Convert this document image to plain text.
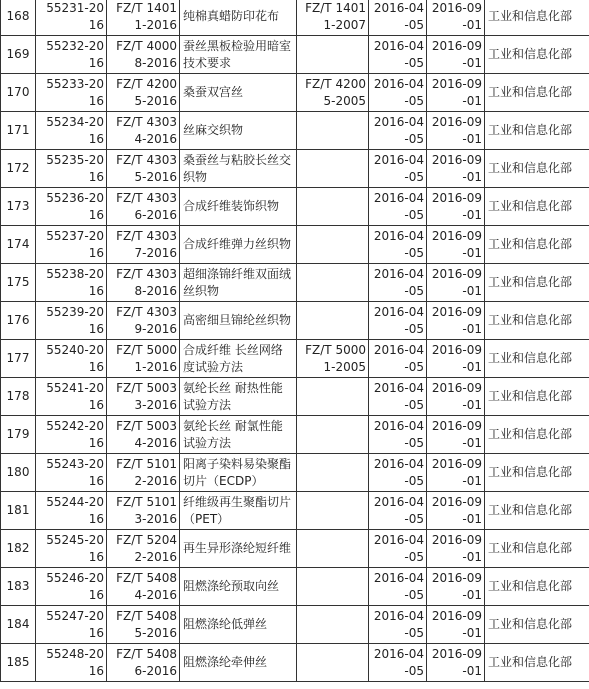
168	55231-2016	FZ/T 14011-2016	纯棉真蜡防印花布	FZ/T 14011-2007	2016-04-05	2016-09-01	工业和信息化部
169	55232-2016	FZ/T 40008-2016	蚕丝黑板检验用暗室技术要求		2016-04-05	2016-09-01	工业和信息化部
170	55233-2016	FZ/T 42005-2016	桑蚕双宫丝	FZ/T 42005-2005	2016-04-05	2016-09-01	工业和信息化部
171	55234-2016	FZ/T 43034-2016	丝麻交织物		2016-04-05	2016-09-01	工业和信息化部
172	55235-2016	FZ/T 43035-2016	桑蚕丝与粘胶长丝交织物		2016-04-05	2016-09-01	工业和信息化部
173	55236-2016	FZ/T 43036-2016	合成纤维装饰织物		2016-04-05	2016-09-01	工业和信息化部
174	55237-2016	FZ/T 43037-2016	合成纤维弹力丝织物		2016-04-05	2016-09-01	工业和信息化部
175	55238-2016	FZ/T 43038-2016	超细涤锦纤维双面绒丝织物		2016-04-05	2016-09-01	工业和信息化部
176	55239-2016	FZ/T 43039-2016	高密细旦锦纶丝织物		2016-04-05	2016-09-01	工业和信息化部
177	55240-2016	FZ/T 50001-2016	合成纤维 长丝网络度试验方法	FZ/T 50001-2005	2016-04-05	2016-09-01	工业和信息化部
178	55241-2016	FZ/T 50033-2016	氨纶长丝 耐热性能试验方法		2016-04-05	2016-09-01	工业和信息化部
179	55242-2016	FZ/T 50034-2016	氨纶长丝 耐氯性能试验方法		2016-04-05	2016-09-01	工业和信息化部
180	55243-2016	FZ/T 51012-2016	阳离子染料易染聚酯切片（ECDP）		2016-04-05	2016-09-01	工业和信息化部
181	55244-2016	FZ/T 51013-2016	纤维级再生聚酯切片（PET）		2016-04-05	2016-09-01	工业和信息化部
182	55245-2016	FZ/T 52042-2016	再生异形涤纶短纤维		2016-04-05	2016-09-01	工业和信息化部
183	55246-2016	FZ/T 54084-2016	阻燃涤纶预取向丝		2016-04-05	2016-09-01	工业和信息化部
184	55247-2016	FZ/T 54085-2016	阻燃涤纶低弹丝		2016-04-05	2016-09-01	工业和信息化部
185	55248-2016	FZ/T 54086-2016	阻燃涤纶牵伸丝		2016-04-05	2016-09-01	工业和信息化部
